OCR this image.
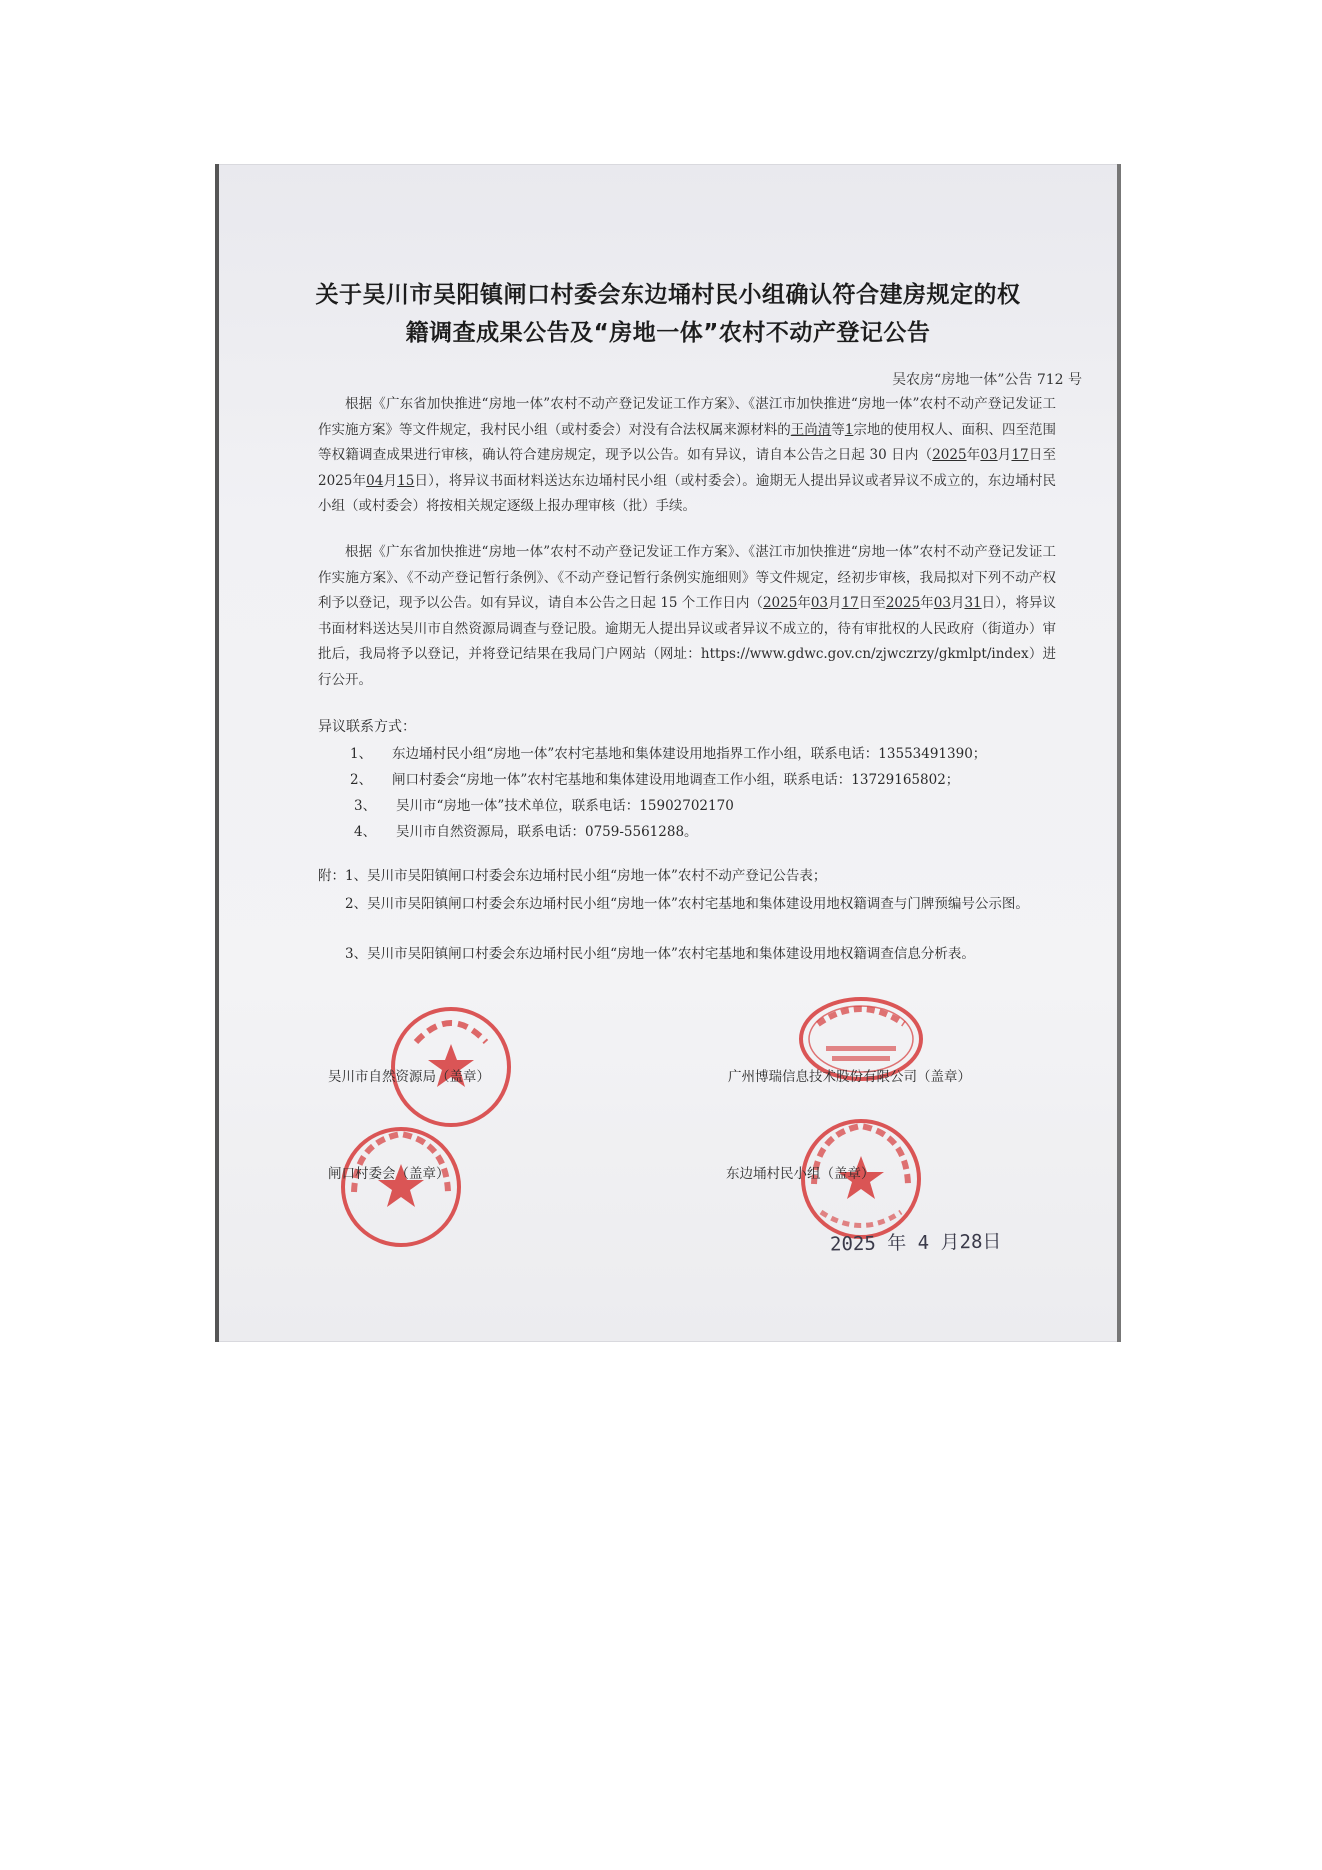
关于吴川市吴阳镇闸口村委会东边埇村民小组确认符合建房规定的权
籍调查成果公告及“房地一体”农村不动产登记公告
吴农房“房地一体”公告 712 号
根据《广东省加快推进“房地一体”农村不动产登记发证工作方案》、《湛江市加快推进“房地一体”农村不动产登记发证工作实施方案》等文件规定，我村民小组（或村委会）对没有合法权属来源材料的王尚清等1宗地的使用权人、面积、四至范围等权籍调查成果进行审核，确认符合建房规定，现予以公告。如有异议，请自本公告之日起 30 日内（2025年03月17日至2025年04月15日），将异议书面材料送达东边埇村民小组（或村委会）。逾期无人提出异议或者异议不成立的，东边埇村民小组（或村委会）将按相关规定逐级上报办理审核（批）手续。
根据《广东省加快推进“房地一体”农村不动产登记发证工作方案》、《湛江市加快推进“房地一体”农村不动产登记发证工作实施方案》、《不动产登记暂行条例》、《不动产登记暂行条例实施细则》等文件规定，经初步审核，我局拟对下列不动产权利予以登记，现予以公告。如有异议，请自本公告之日起 15 个工作日内（2025年03月17日至2025年03月31日），将异议书面材料送达吴川市自然资源局调查与登记股。逾期无人提出异议或者异议不成立的，待有审批权的人民政府（街道办）审批后，我局将予以登记，并将登记结果在我局门户网站（网址：https://www.gdwc.gov.cn/zjwczrzy/gkmlpt/index）进行公开。
异议联系方式：
1、 东边埇村民小组“房地一体”农村宅基地和集体建设用地指界工作小组，联系电话：13553491390；
2、 闸口村委会“房地一体”农村宅基地和集体建设用地调查工作小组，联系电话：13729165802；
3、 吴川市“房地一体”技术单位，联系电话：15902702170
4、 吴川市自然资源局，联系电话：0759-5561288。
附：1、吴川市吴阳镇闸口村委会东边埇村民小组“房地一体”农村不动产登记公告表；
2、吴川市吴阳镇闸口村委会东边埇村民小组“房地一体”农村宅基地和集体建设用地权籍调查与门牌预编号公示图。
3、吴川市吴阳镇闸口村委会东边埇村民小组“房地一体”农村宅基地和集体建设用地权籍调查信息分析表。
吴川市自然资源局（盖章）	广州博瑞信息技术股份有限公司（盖章）
闸口村委会（盖章）	东边埇村民小组（盖章）
2025 年 4 月28日
